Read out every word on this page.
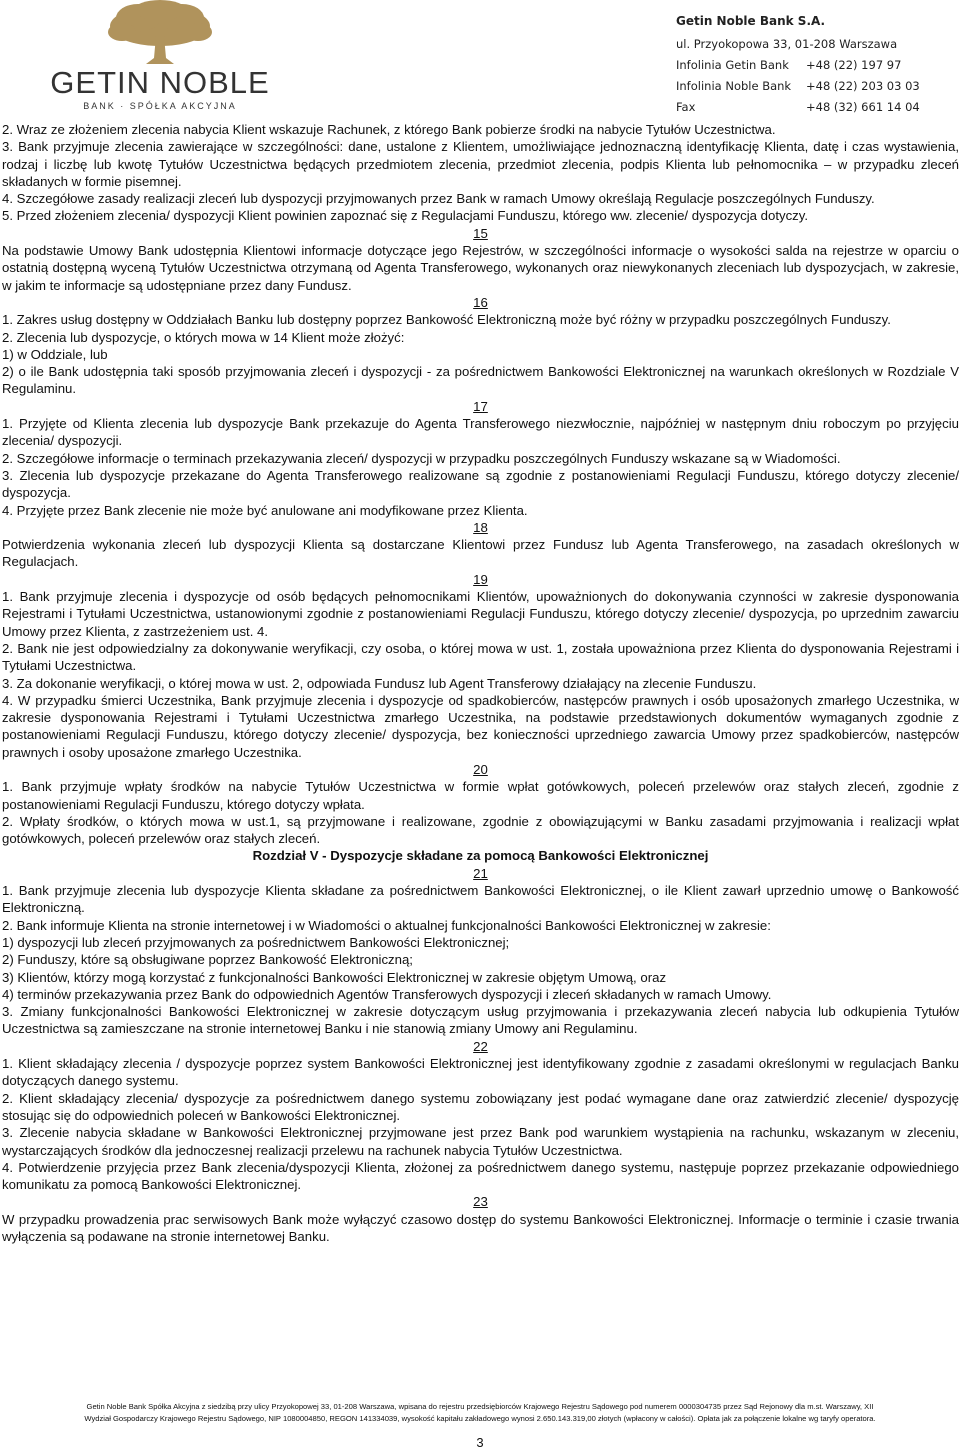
GETIN NOBLE
BANK · SPÓŁKA AKCYJNA
Getin Noble Bank S.A.
ul. Przyokopowa 33, 01-208 Warszawa
Infolinia Getin Bank	+48 (22) 197 97
Infolinia Noble Bank	+48 (22) 203 03 03
Fax	+48 (32) 661 14 04

2. Wraz ze złożeniem zlecenia nabycia Klient wskazuje Rachunek, z którego Bank pobierze środki na nabycie Tytułów Uczestnictwa.

3. Bank przyjmuje zlecenia zawierające w szczególności: dane, ustalone z Klientem, umożliwiające jednoznaczną identyfikację Klienta, datę i czas wystawienia, rodzaj i liczbę lub kwotę Tytułów Uczestnictwa będących przedmiotem zlecenia, przedmiot zlecenia, podpis Klienta lub pełnomocnika – w przypadku zleceń składanych w formie pisemnej.

4. Szczegółowe zasady realizacji zleceń lub dyspozycji przyjmowanych przez Bank w ramach Umowy określają Regulacje poszczególnych Funduszy.

5. Przed złożeniem zlecenia/ dyspozycji Klient powinien zapoznać się z Regulacjami Funduszu, którego ww. zlecenie/ dyspozycja dotyczy.

15

Na podstawie Umowy Bank udostępnia Klientowi informacje dotyczące jego Rejestrów, w szczególności informacje o wysokości salda na rejestrze w oparciu o ostatnią dostępną wyceną Tytułów Uczestnictwa otrzymaną od Agenta Transferowego, wykonanych oraz niewykonanych zleceniach lub dyspozycjach, w zakresie, w jakim te informacje są udostępniane przez dany Fundusz.

16

1. Zakres usług dostępny w Oddziałach Banku lub dostępny poprzez Bankowość Elektroniczną może być różny w przypadku poszczególnych Funduszy.

2. Zlecenia lub dyspozycje, o których mowa w 14 Klient może złożyć:

1) w Oddziale, lub

2) o ile Bank udostępnia taki sposób przyjmowania zleceń i dyspozycji - za pośrednictwem Bankowości Elektronicznej na warunkach określonych w Rozdziale V Regulaminu.

17

1. Przyjęte od Klienta zlecenia lub dyspozycje Bank przekazuje do Agenta Transferowego niezwłocznie, najpóźniej w następnym dniu roboczym po przyjęciu zlecenia/ dyspozycji.

2. Szczegółowe informacje o terminach przekazywania zleceń/ dyspozycji w przypadku poszczególnych Funduszy wskazane są w Wiadomości.

3. Zlecenia lub dyspozycje przekazane do Agenta Transferowego realizowane są zgodnie z postanowieniami Regulacji Funduszu, którego dotyczy zlecenie/ dyspozycja.

4. Przyjęte przez Bank zlecenie nie może być anulowane ani modyfikowane przez Klienta.

18

Potwierdzenia wykonania zleceń lub dyspozycji Klienta są dostarczane Klientowi przez Fundusz lub Agenta Transferowego, na zasadach określonych w Regulacjach.

19

1. Bank przyjmuje zlecenia i dyspozycje od osób będących pełnomocnikami Klientów, upoważnionych do dokonywania czynności w zakresie dysponowania Rejestrami i Tytułami Uczestnictwa, ustanowionymi zgodnie z postanowieniami Regulacji Funduszu, którego dotyczy zlecenie/ dyspozycja, po uprzednim zawarciu Umowy przez Klienta, z zastrzeżeniem ust. 4.

2. Bank nie jest odpowiedzialny za dokonywanie weryfikacji, czy osoba, o której mowa w ust. 1, została upoważniona przez Klienta do dysponowania Rejestrami i Tytułami Uczestnictwa.

3. Za dokonanie weryfikacji, o której mowa w ust. 2, odpowiada Fundusz lub Agent Transferowy działający na zlecenie Funduszu.

4. W przypadku śmierci Uczestnika, Bank przyjmuje zlecenia i dyspozycje od spadkobierców, następców prawnych i osób uposażonych zmarłego Uczestnika, w zakresie dysponowania Rejestrami i Tytułami Uczestnictwa zmarłego Uczestnika, na podstawie przedstawionych dokumentów wymaganych zgodnie z postanowieniami Regulacji Funduszu, którego dotyczy zlecenie/ dyspozycja, bez konieczności uprzedniego zawarcia Umowy przez spadkobierców, następców prawnych i osoby uposażone zmarłego Uczestnika.

20

1. Bank przyjmuje wpłaty środków na nabycie Tytułów Uczestnictwa w formie wpłat gotówkowych, poleceń przelewów oraz stałych zleceń, zgodnie z postanowieniami Regulacji Funduszu, którego dotyczy wpłata.

2. Wpłaty środków, o których mowa w ust.1, są przyjmowane i realizowane, zgodnie z obowiązującymi w Banku zasadami przyjmowania i realizacji wpłat gotówkowych, poleceń przelewów oraz stałych zleceń.

Rozdział V - Dyspozycje składane za pomocą Bankowości Elektronicznej

21

1. Bank przyjmuje zlecenia lub dyspozycje Klienta składane za pośrednictwem Bankowości Elektronicznej, o ile Klient zawarł uprzednio umowę o Bankowość Elektroniczną.

2. Bank informuje Klienta na stronie internetowej i w Wiadomości o aktualnej funkcjonalności Bankowości Elektronicznej w zakresie:

1) dyspozycji lub zleceń przyjmowanych za pośrednictwem Bankowości Elektronicznej;

2) Funduszy, które są obsługiwane poprzez Bankowość Elektroniczną;

3) Klientów, którzy mogą korzystać z funkcjonalności Bankowości Elektronicznej w zakresie objętym Umową, oraz

4) terminów przekazywania przez Bank do odpowiednich Agentów Transferowych dyspozycji i zleceń składanych w ramach Umowy.

3. Zmiany funkcjonalności Bankowości Elektronicznej w zakresie dotyczącym usług przyjmowania i przekazywania zleceń nabycia lub odkupienia Tytułów Uczestnictwa są zamieszczane na stronie internetowej Banku i nie stanowią zmiany Umowy ani Regulaminu.

22

1. Klient składający zlecenia / dyspozycje poprzez system Bankowości Elektronicznej jest identyfikowany zgodnie z zasadami określonymi w regulacjach Banku dotyczących danego systemu.

2. Klient składający zlecenia/ dyspozycje za pośrednictwem danego systemu zobowiązany jest podać wymagane dane oraz zatwierdzić zlecenie/ dyspozycję stosując się do odpowiednich poleceń w Bankowości Elektronicznej.

3. Zlecenie nabycia składane w Bankowości Elektronicznej przyjmowane jest przez Bank pod warunkiem wystąpienia na rachunku, wskazanym w zleceniu, wystarczających środków dla jednoczesnej realizacji przelewu na rachunek nabycia Tytułów Uczestnictwa.

4. Potwierdzenie przyjęcia przez Bank zlecenia/dyspozycji Klienta, złożonej za pośrednictwem danego systemu, następuje poprzez przekazanie odpowiedniego komunikatu za pomocą Bankowości Elektronicznej.

23

W przypadku prowadzenia prac serwisowych Bank może wyłączyć czasowo dostęp do systemu Bankowości Elektronicznej. Informacje o terminie i czasie trwania wyłączenia są podawane na stronie internetowej Banku.

Getin Noble Bank Spółka Akcyjna z siedzibą przy ulicy Przyokopowej 33, 01-208 Warszawa, wpisana do rejestru przedsiębiorców Krajowego Rejestru Sądowego pod numerem 0000304735 przez Sąd Rejonowy dla m.st. Warszawy, XII
Wydział Gospodarczy Krajowego Rejestru Sądowego, NIP 1080004850, REGON 141334039, wysokość kapitału zakładowego wynosi 2.650.143.319,00 złotych (wpłacony w całości). Opłata jak za połączenie lokalne wg taryfy operatora.
3
